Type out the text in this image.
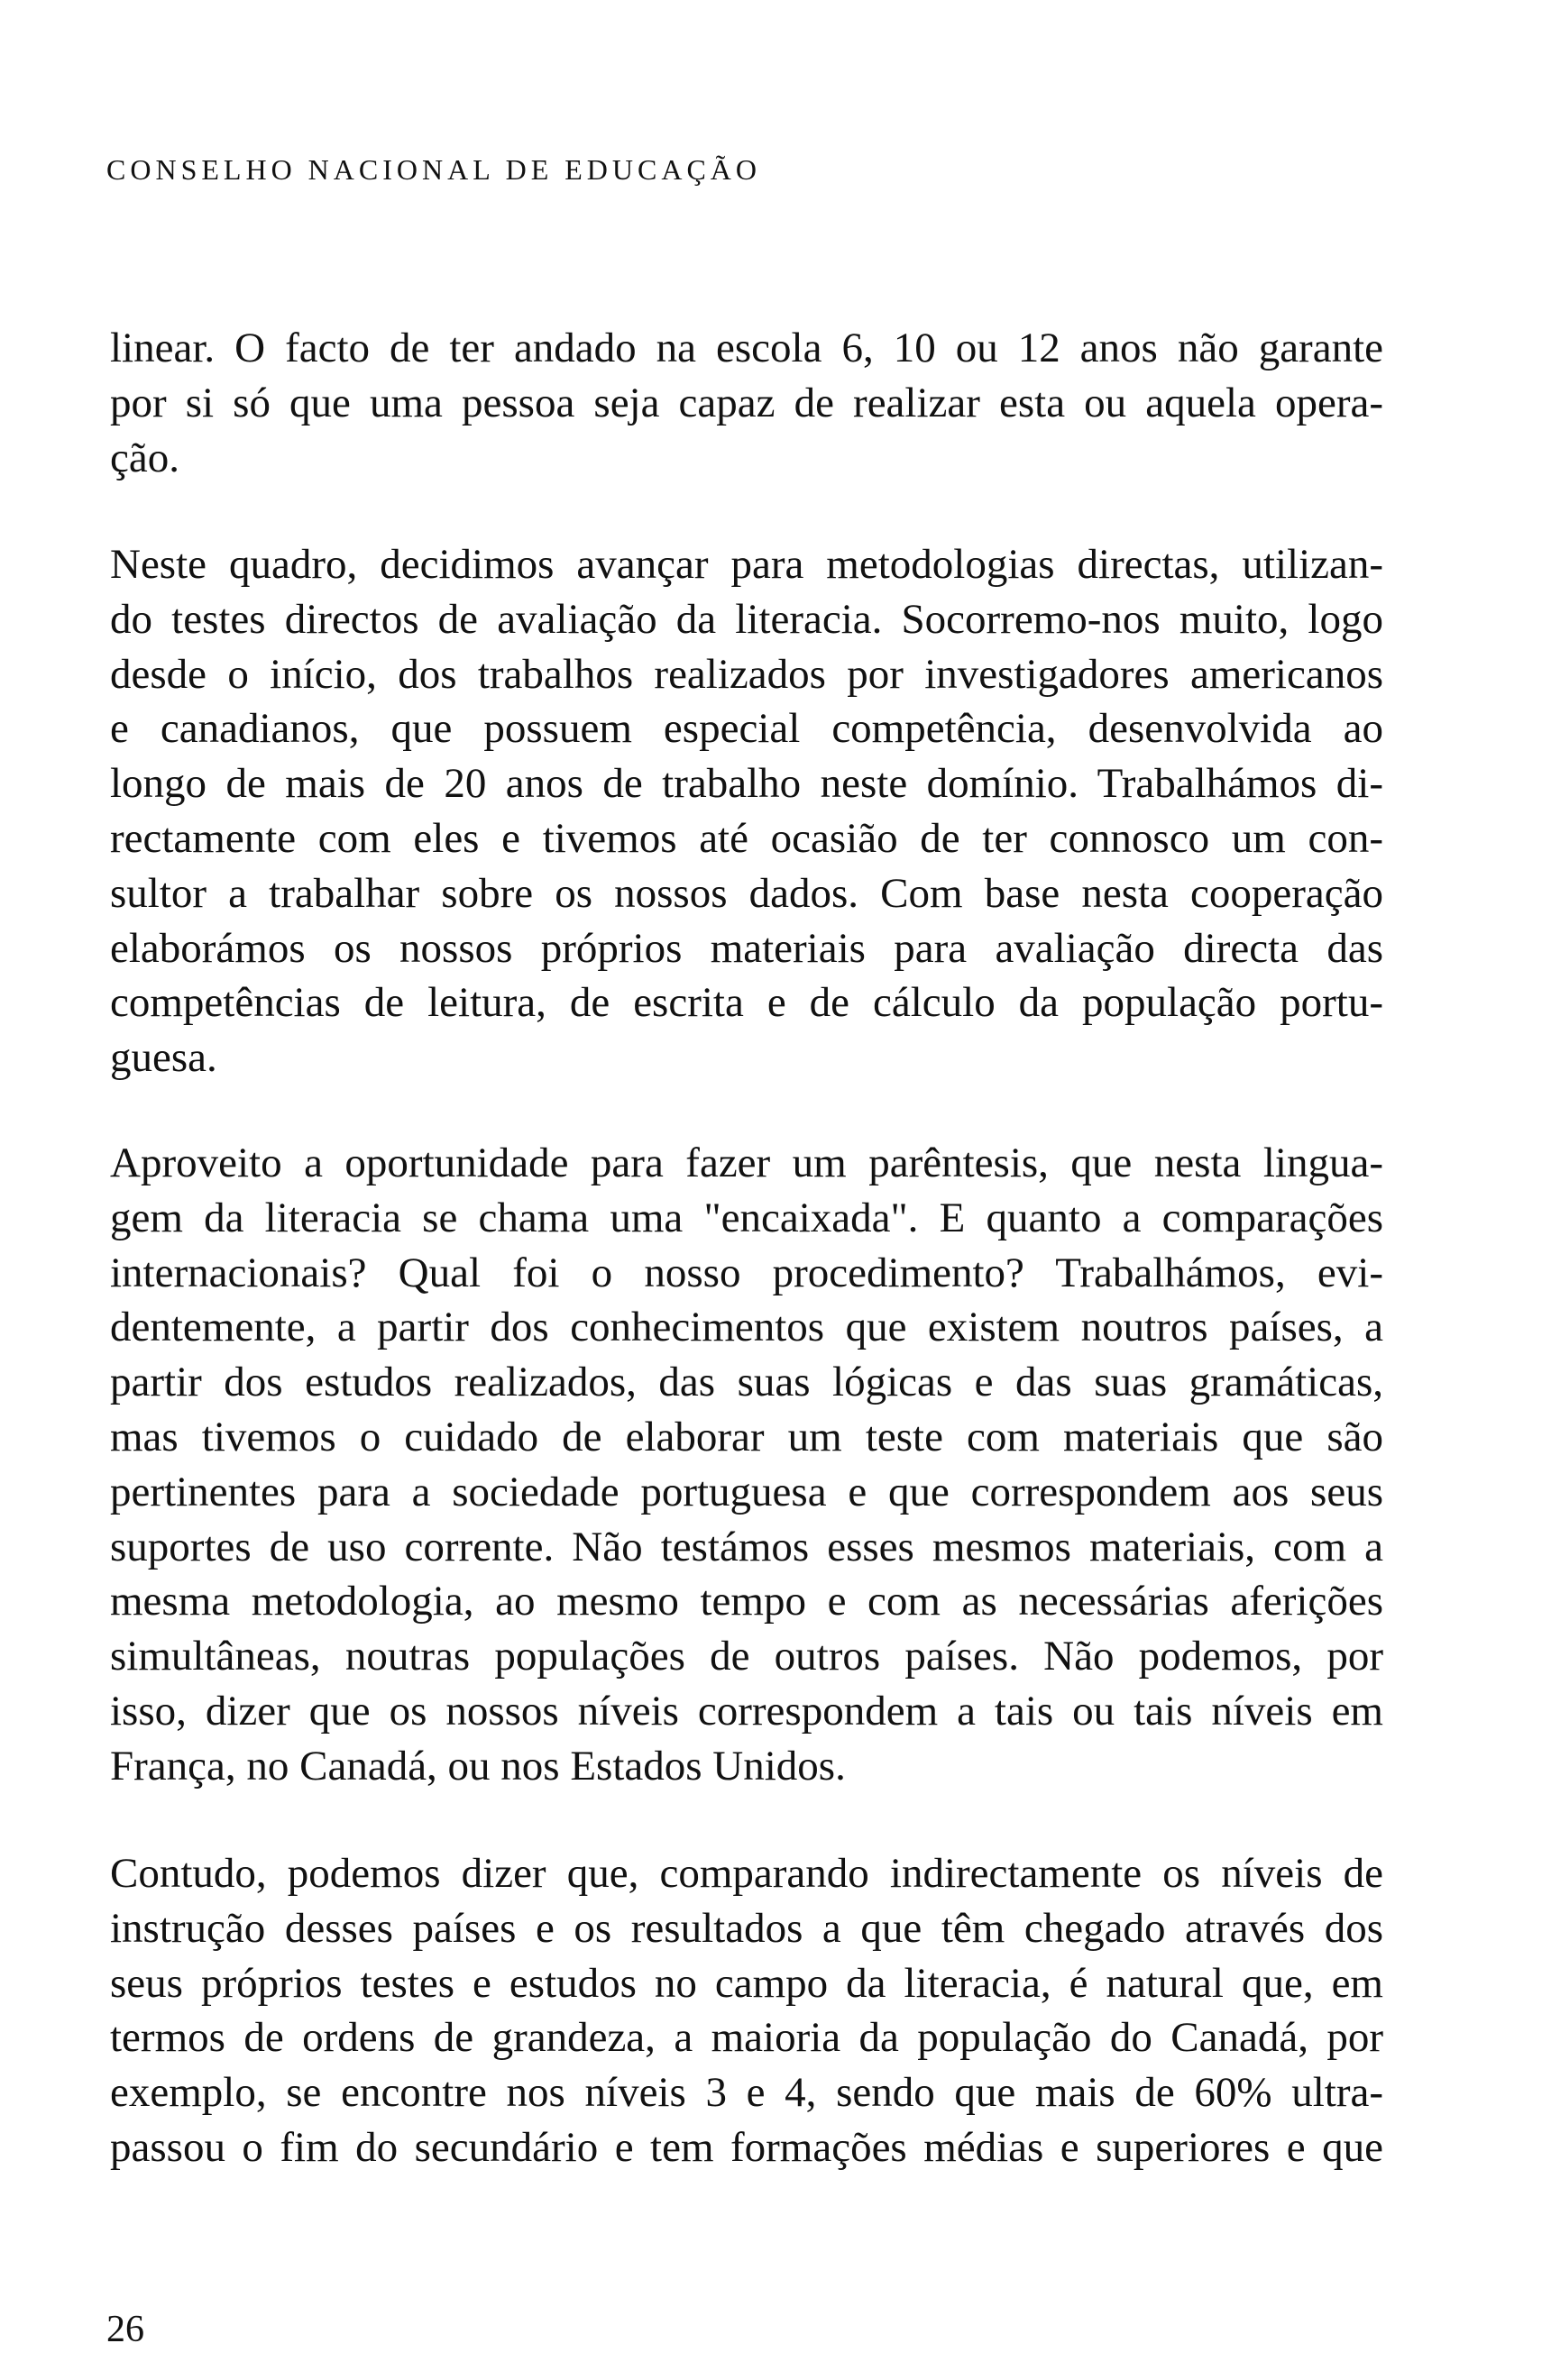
CONSELHO NACIONAL DE EDUCAÇÃO
linear. O facto de ter andado na escola 6, 10 ou 12 anos não garante
por si só que uma pessoa seja capaz de realizar esta ou aquela opera-
ção.
Neste quadro, decidimos avançar para metodologias directas, utilizan-
do testes directos de avaliação da literacia. Socorremo-nos muito, logo
desde o início, dos trabalhos realizados por investigadores americanos
e canadianos, que possuem especial competência, desenvolvida ao
longo de mais de 20 anos de trabalho neste domínio. Trabalhámos di-
rectamente com eles e tivemos até ocasião de ter connosco um con-
sultor a trabalhar sobre os nossos dados. Com base nesta cooperação
elaborámos os nossos próprios materiais para avaliação directa das
competências de leitura, de escrita e de cálculo da população portu-
guesa.
Aproveito a oportunidade para fazer um parêntesis, que nesta lingua-
gem da literacia se chama uma "encaixada". E quanto a comparações
internacionais? Qual foi o nosso procedimento? Trabalhámos, evi-
dentemente, a partir dos conhecimentos que existem noutros países, a
partir dos estudos realizados, das suas lógicas e das suas gramáticas,
mas tivemos o cuidado de elaborar um teste com materiais que são
pertinentes para a sociedade portuguesa e que correspondem aos seus
suportes de uso corrente. Não testámos esses mesmos materiais, com a
mesma metodologia, ao mesmo tempo e com as necessárias aferições
simultâneas, noutras populações de outros países. Não podemos, por
isso, dizer que os nossos níveis correspondem a tais ou tais níveis em
França, no Canadá, ou nos Estados Unidos.
Contudo, podemos dizer que, comparando indirectamente os níveis de
instrução desses países e os resultados a que têm chegado através dos
seus próprios testes e estudos no campo da literacia, é natural que, em
termos de ordens de grandeza, a maioria da população do Canadá, por
exemplo, se encontre nos níveis 3 e 4, sendo que mais de 60% ultra-
passou o fim do secundário e tem formações médias e superiores e que
26
